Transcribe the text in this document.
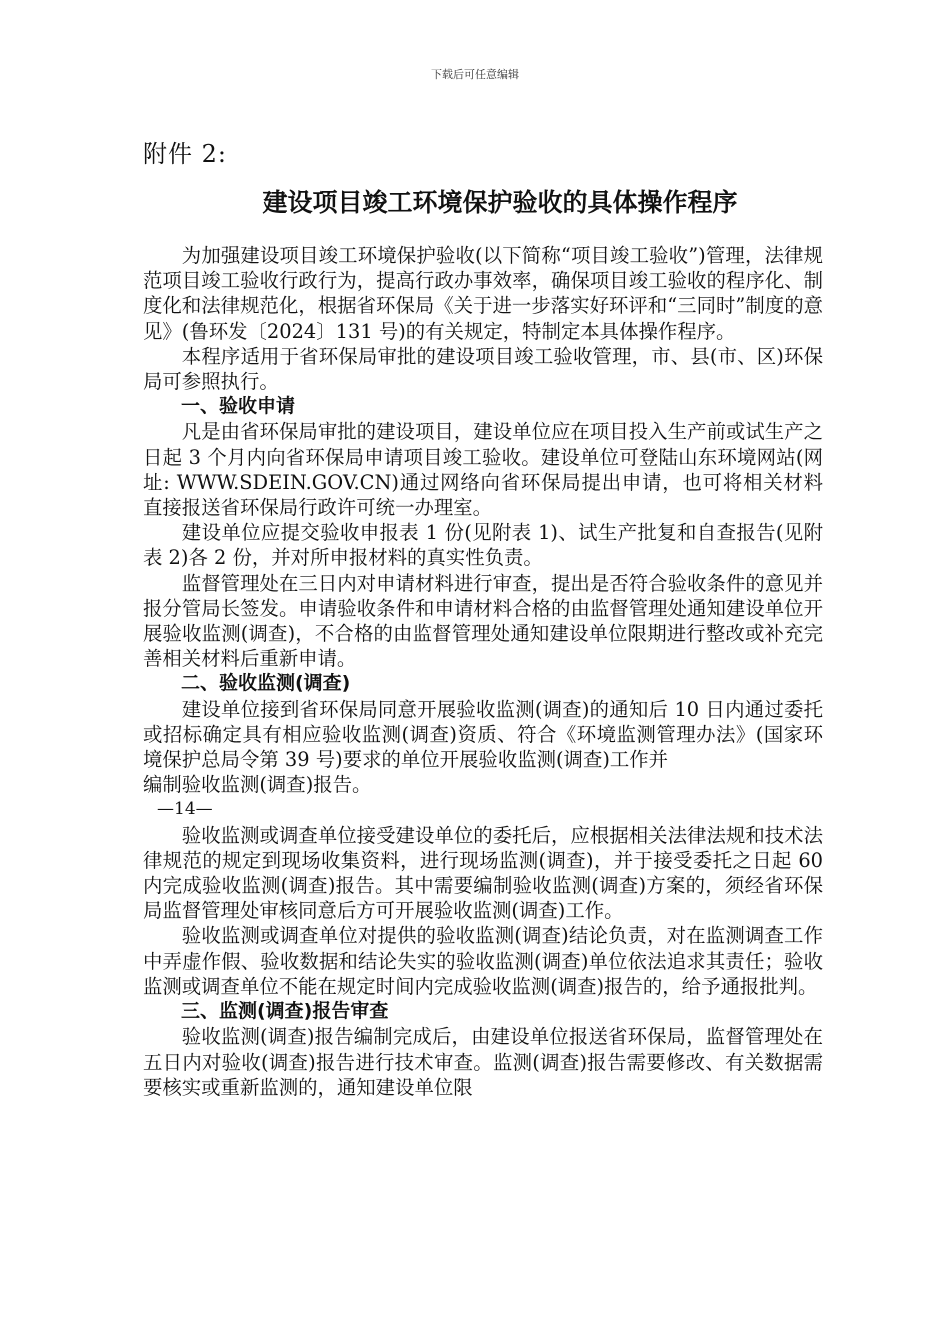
下载后可任意编辑
附件 2:
建设项目竣工环境保护验收的具体操作程序

为加强建设项目竣工环境保护验收(以下简称“项目竣工验收”)管理，法律规范项目竣工验收行政行为，提高行政办事效率，确保项目竣工验收的程序化、制度化和法律规范化，根据省环保局《关于进一步落实好环评和“三同时”制度的意见》(鲁环发〔2024〕131 号)的有关规定，特制定本具体操作程序。

本程序适用于省环保局审批的建设项目竣工验收管理，市、县(市、区)环保局可参照执行。

一、验收申请

凡是由省环保局审批的建设项目，建设单位应在项目投入生产前或试生产之日起 3 个月内向省环保局申请项目竣工验收。建设单位可登陆山东环境网站(网址: WWW.SDEIN.GOV.CN)通过网络向省环保局提出申请，也可将相关材料直接报送省环保局行政许可统一办理室。

建设单位应提交验收申报表 1 份(见附表 1)、试生产批复和自查报告(见附表 2)各 2 份，并对所申报材料的真实性负责。

监督管理处在三日内对申请材料进行审查，提出是否符合验收条件的意见并报分管局长签发。申请验收条件和申请材料合格的由监督管理处通知建设单位开展验收监测(调查)，不合格的由监督管理处通知建设单位限期进行整改或补充完善相关材料后重新申请。

二、验收监测(调查)

建设单位接到省环保局同意开展验收监测(调查)的通知后 10 日内通过委托或招标确定具有相应验收监测(调查)资质、符合《环境监测管理办法》(国家环境保护总局令第 39 号)要求的单位开展验收监测(调查)工作并

编制验收监测(调查)报告。

—14—

验收监测或调查单位接受建设单位的委托后，应根据相关法律法规和技术法律规范的规定到现场收集资料，进行现场监测(调查)，并于接受委托之日起 60 内完成验收监测(调查)报告。其中需要编制验收监测(调查)方案的，须经省环保局监督管理处审核同意后方可开展验收监测(调查)工作。

验收监测或调查单位对提供的验收监测(调查)结论负责，对在监测调查工作中弄虚作假、验收数据和结论失实的验收监测(调查)单位依法追求其责任；验收监测或调查单位不能在规定时间内完成验收监测(调查)报告的，给予通报批判。

三、监测(调查)报告审查

验收监测(调查)报告编制完成后，由建设单位报送省环保局，监督管理处在五日内对验收(调查)报告进行技术审查。监测(调查)报告需要修改、有关数据需要核实或重新监测的，通知建设单位限
